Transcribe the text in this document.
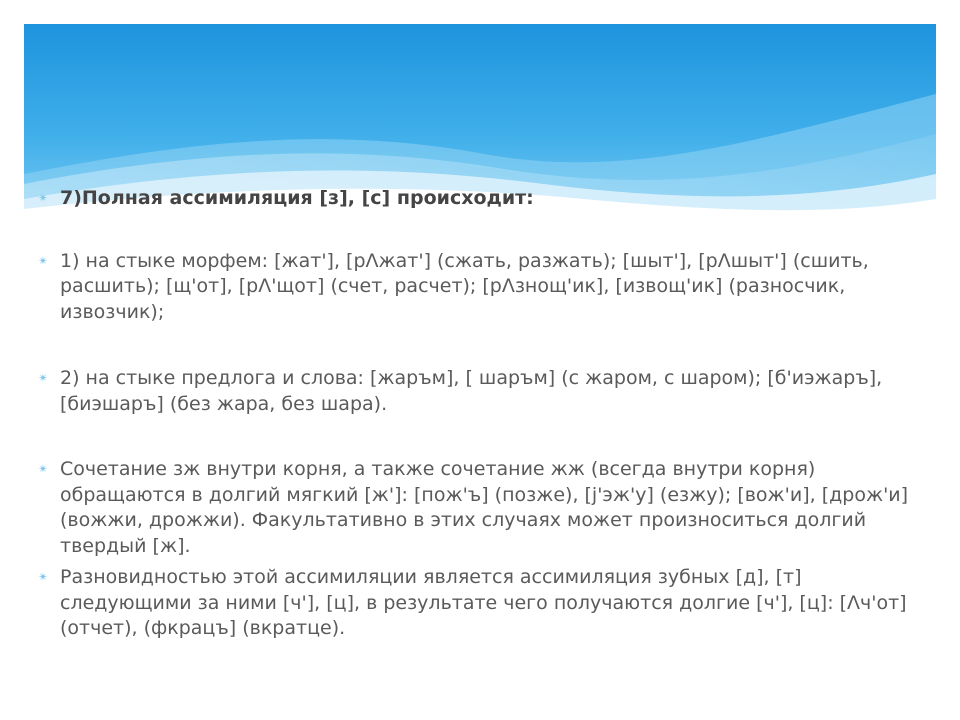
✴ 7)Полная ассимиляция [з], [с] происходит:
✴ 1) на стыке морфем: [жат'], [рɅжат'] (сжать, разжать); [шыт'], [рɅшыт'] (сшить, расшить); [щ'от], [рɅ'щот] (счет, расчет); [рɅзнощ'ик], [извощ'ик] (разносчик, извозчик);
✴ 2) на стыке предлога и слова: [жаръм], [ шаръм] (с жаром, с шаром); [б'иэжаръ], [биэшаръ] (без жара, без шара).
✴ Сочетание зж внутри корня, а также сочетание жж (всегда внутри корня) обращаются в долгий мягкий [ж']: [пож'ъ] (позже), [j'эж'у] (езжу); [вож'и], [дрож'и] (вожжи, дрожжи). Факультативно в этих случаях может произноситься долгий твердый [ж].
✴ Разновидностью этой ассимиляции является ассимиляция зубных [д], [т] следующими за ними [ч'], [ц], в результате чего получаются долгие [ч'], [ц]: [Ʌч'от] (отчет), (фкрацъ] (вкратце).
